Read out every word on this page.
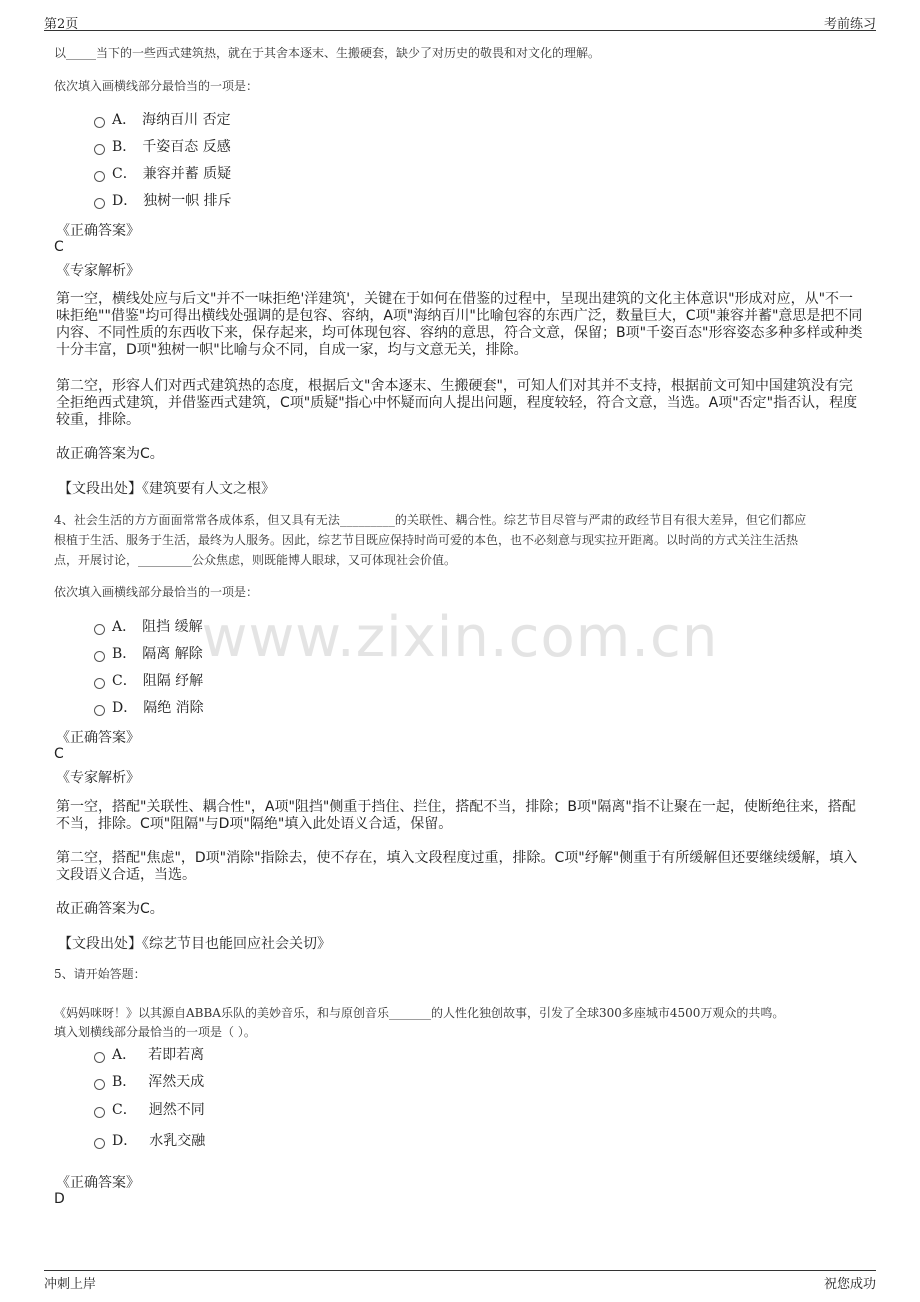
第2页	考前练习
www.zixin.com.cn
以_____当下的一些西式建筑热，就在于其舍本逐末、生搬硬套，缺少了对历史的敬畏和对文化的理解。
依次填入画横线部分最恰当的一项是：
A． 海纳百川 否定
B． 千姿百态 反感
C． 兼容并蓄 质疑
D． 独树一帜 排斥
《正确答案》
C
《专家解析》
第一空，横线处应与后文"并不一味拒绝'洋建筑'，关键在于如何在借鉴的过程中，呈现出建筑的文化主体意识"形成对应，从"不一味拒绝""借鉴"均可得出横线处强调的是包容、容纳，A项"海纳百川"比喻包容的东西广泛，数量巨大，C项"兼容并蓄"意思是把不同内容、不同性质的东西收下来，保存起来，均可体现包容、容纳的意思，符合文意，保留；B项"千姿百态"形容姿态多种多样或种类十分丰富，D项"独树一帜"比喻与众不同，自成一家，均与文意无关，排除。
第二空，形容人们对西式建筑热的态度，根据后文"舍本逐末、生搬硬套"，可知人们对其并不支持，根据前文可知中国建筑没有完全拒绝西式建筑，并借鉴西式建筑，C项"质疑"指心中怀疑而向人提出问题，程度较轻，符合文意，当选。A项"否定"指否认，程度较重，排除。
故正确答案为C。
【文段出处】《建筑要有人文之根》
4、社会生活的方方面面常常各成体系，但又具有无法_________的关联性、耦合性。综艺节目尽管与严肃的政经节目有很大差异，但它们都应
根植于生活、服务于生活，最终为人服务。因此，综艺节目既应保持时尚可爱的本色，也不必刻意与现实拉开距离。以时尚的方式关注生活热
点，开展讨论，_________公众焦虑，则既能博人眼球，又可体现社会价值。
依次填入画横线部分最恰当的一项是：
A． 阻挡 缓解
B． 隔离 解除
C． 阻隔 纾解
D． 隔绝 消除
《正确答案》
C
《专家解析》
第一空，搭配"关联性、耦合性"，A项"阻挡"侧重于挡住、拦住，搭配不当，排除；B项"隔离"指不让聚在一起，使断绝往来，搭配不当，排除。C项"阻隔"与D项"隔绝"填入此处语义合适，保留。
第二空，搭配"焦虑"，D项"消除"指除去，使不存在，填入文段程度过重，排除。C项"纾解"侧重于有所缓解但还要继续缓解，填入文段语义合适，当选。
故正确答案为C。
【文段出处】《综艺节目也能回应社会关切》
5、请开始答题：
《妈妈咪呀！》以其源自ABBA乐队的美妙音乐，和与原创音乐_______的人性化独创故事，引发了全球300多座城市4500万观众的共鸣。
填入划横线部分最恰当的一项是（ ）。
A． 若即若离
B． 浑然天成
C． 迥然不同
D． 水乳交融
《正确答案》
D
冲刺上岸	祝您成功
